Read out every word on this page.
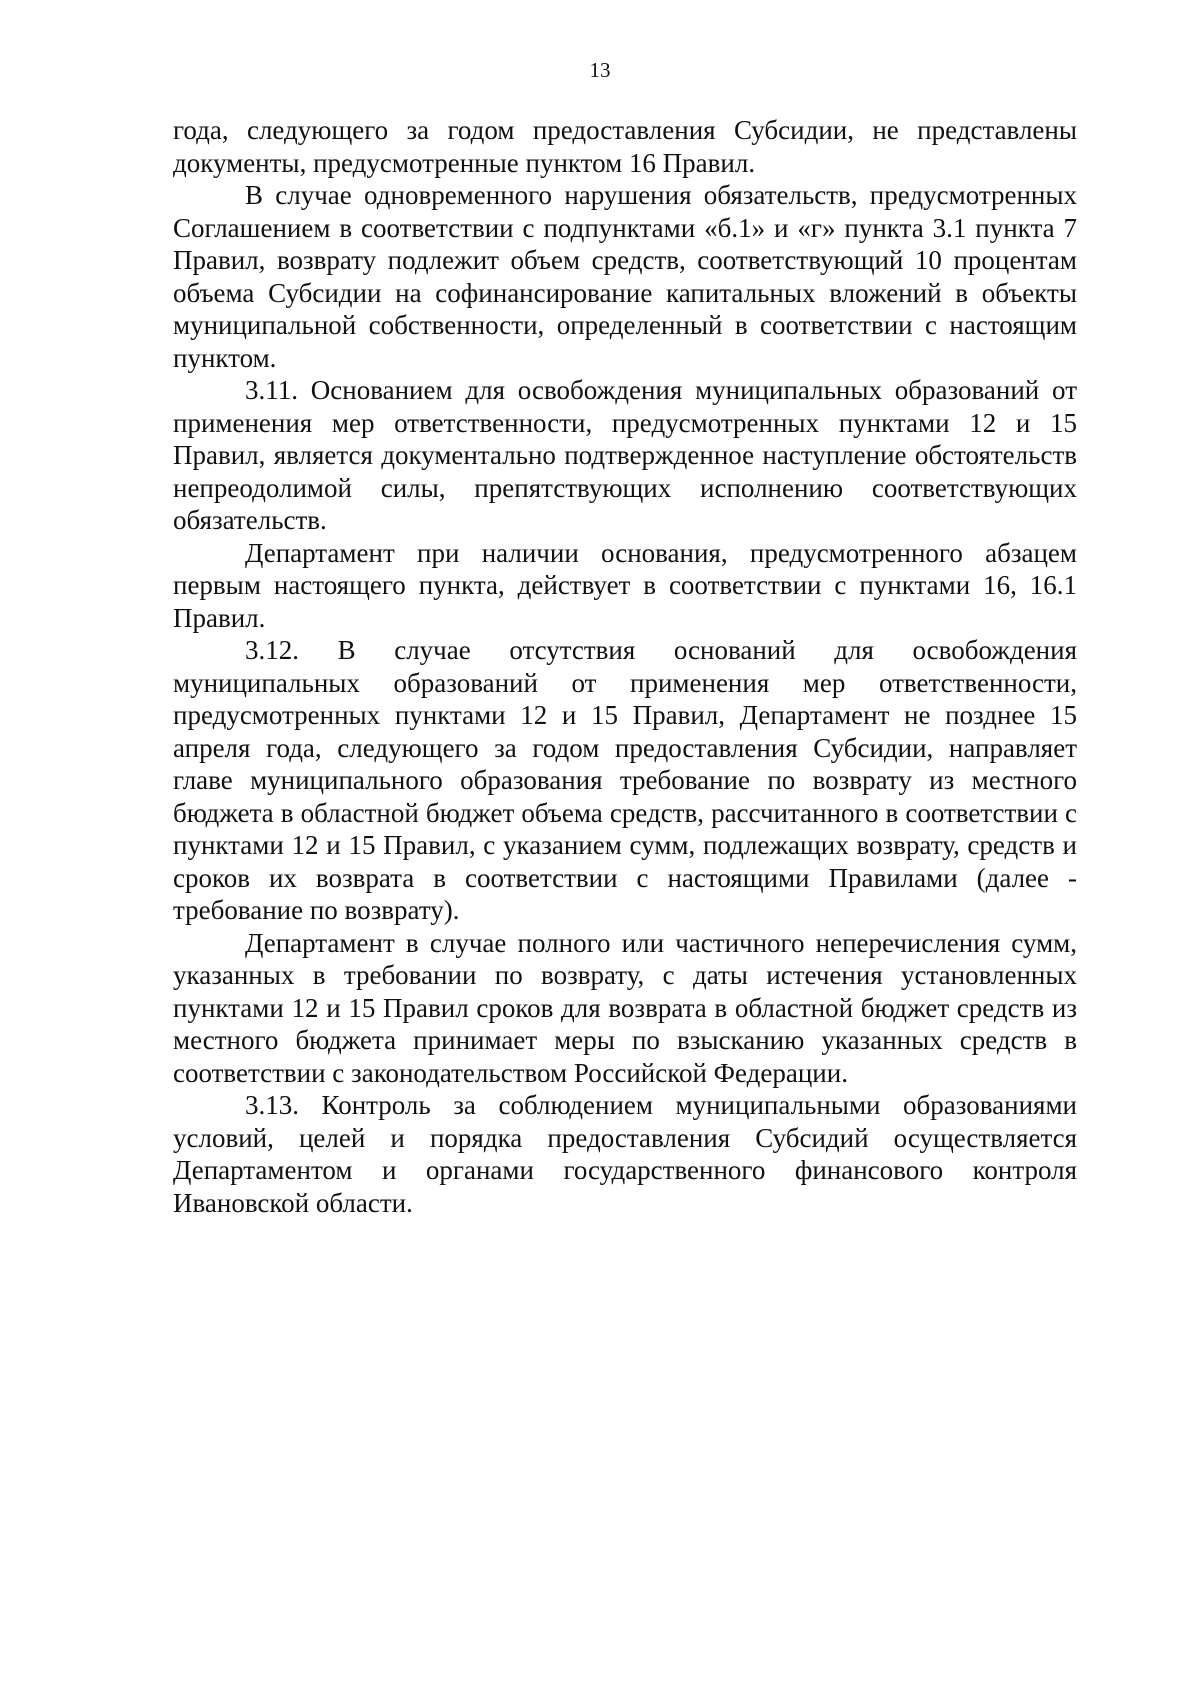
13

года, следующего за годом предоставления Субсидии, не представлены документы, предусмотренные пунктом 16 Правил.

В случае одновременного нарушения обязательств, предусмотренных Соглашением в соответствии с подпунктами «б.1» и «г» пункта 3.1 пункта 7 Правил, возврату подлежит объем средств, соответствующий 10 процентам объема Субсидии на софинансирование капитальных вложений в объекты муниципальной собственности, определенный в соответствии с настоящим пунктом.

3.11. Основанием для освобождения муниципальных образований от применения мер ответственности, предусмотренных пунктами 12 и 15 Правил, является документально подтвержденное наступление обстоятельств непреодолимой силы, препятствующих исполнению соответствующих обязательств.

Департамент при наличии основания, предусмотренного абзацем первым настоящего пункта, действует в соответствии с пунктами 16, 16.1 Правил.

3.12. В случае отсутствия оснований для освобождения муниципальных образований от применения мер ответственности, предусмотренных пунктами 12 и 15 Правил, Департамент не позднее 15 апреля года, следующего за годом предоставления Субсидии, направляет главе муниципального образования требование по возврату из местного бюджета в областной бюджет объема средств, рассчитанного в соответствии с пунктами 12 и 15 Правил, с указанием сумм, подлежащих возврату, средств и сроков их возврата в соответствии с настоящими Правилами (далее - требование по возврату).

Департамент в случае полного или частичного неперечисления сумм, указанных в требовании по возврату, с даты истечения установленных пунктами 12 и 15 Правил сроков для возврата в областной бюджет средств из местного бюджета принимает меры по взысканию указанных средств в соответствии с законодательством Российской Федерации.

3.13. Контроль за соблюдением муниципальными образованиями условий, целей и порядка предоставления Субсидий осуществляется Департаментом и органами государственного финансового контроля Ивановской области.
